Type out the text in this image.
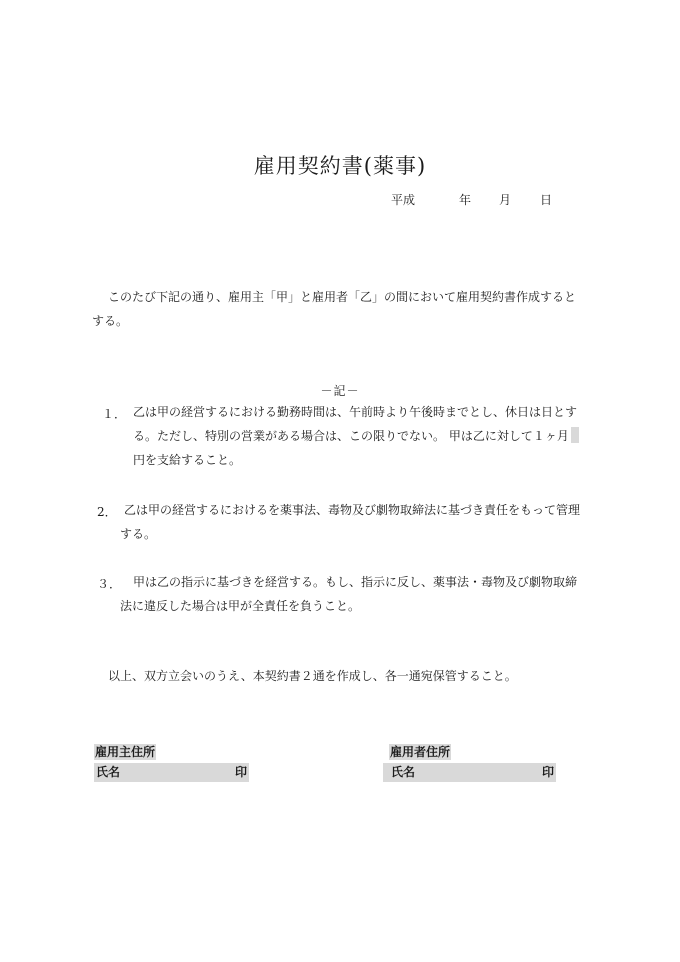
雇用契約書(薬事)
平成	年 月 日
このたび下記の通り、雇用主「甲」と雇用者「乙」の間において雇用契約書作成すると
する。
－記－
１． 乙は甲の経営するにおける勤務時間は、午前時より午後時までとし、休日は日とす
る。ただし、特別の営業がある場合は、この限りでない。 甲は乙に対して１ヶ月
円を支給すること。
2． 乙は甲の経営するにおけるを薬事法、毒物及び劇物取締法に基づき責任をもって管理
する。
３． 甲は乙の指示に基づきを経営する。もし、指示に反し、薬事法・毒物及び劇物取締
法に違反した場合は甲が全責任を負うこと。
以上、双方立会いのうえ、本契約書２通を作成し、各一通宛保管すること。
雇用主住所
氏名	印
雇用者住所
氏名	印
